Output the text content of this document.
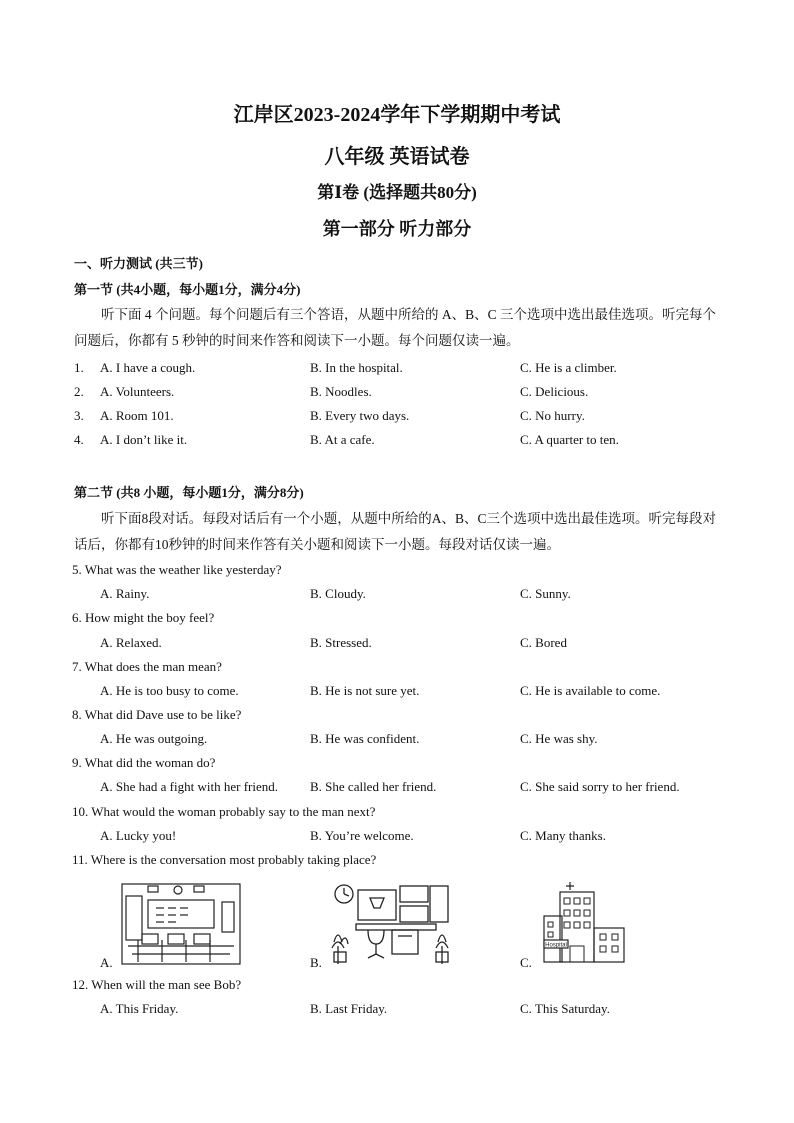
江岸区2023-2024学年下学期期中考试
八年级 英语试卷
第Ⅰ卷 (选择题共80分)
第一部分 听力部分
一、听力测试 (共三节)
第一节 (共4小题，每小题1分，满分4分)
听下面 4 个问题。每个问题后有三个答语，从题中所给的 A、B、C 三个选项中选出最佳选项。听完每个问题后，你都有 5 秒钟的时间来作答和阅读下一小题。每个问题仅读一遍。
1. A. I have a cough.	B. In the hospital.	C. He is a climber.
2. A. Volunteers.	B. Noodles.	C. Delicious.
3. A. Room 101.	B. Every two days.	C. No hurry.
4. A. I don’t like it.	B. At a cafe.	C. A quarter to ten.
第二节 (共8 小题，每小题1分，满分8分)
听下面8段对话。每段对话后有一个小题，从题中所给的A、B、C三个选项中选出最佳选项。听完每段对话后，你都有10秒钟的时间来作答有关小题和阅读下一小题。每段对话仅读一遍。
5. What was the weather like yesterday?
A. Rainy.	B. Cloudy.	C. Sunny.
6. How might the boy feel?
A. Relaxed.	B. Stressed.	C. Bored
7. What does the man mean?
A. He is too busy to come.	B. He is not sure yet.	C. He is available to come.
8. What did Dave use to be like?
A. He was outgoing.	B. He was confident.	C. He was shy.
9. What did the woman do?
A. She had a fight with her friend. B. She called her friend.	C. She said sorry to her friend.
10. What would the woman probably say to the man next?
A. Lucky you!	B. You’re welcome.	C. Many thanks.
11. Where is the conversation most probably taking place?
A.	B.	C.
Hospital
12. When will the man see Bob?
A. This Friday.	B. Last Friday.	C. This Saturday.
